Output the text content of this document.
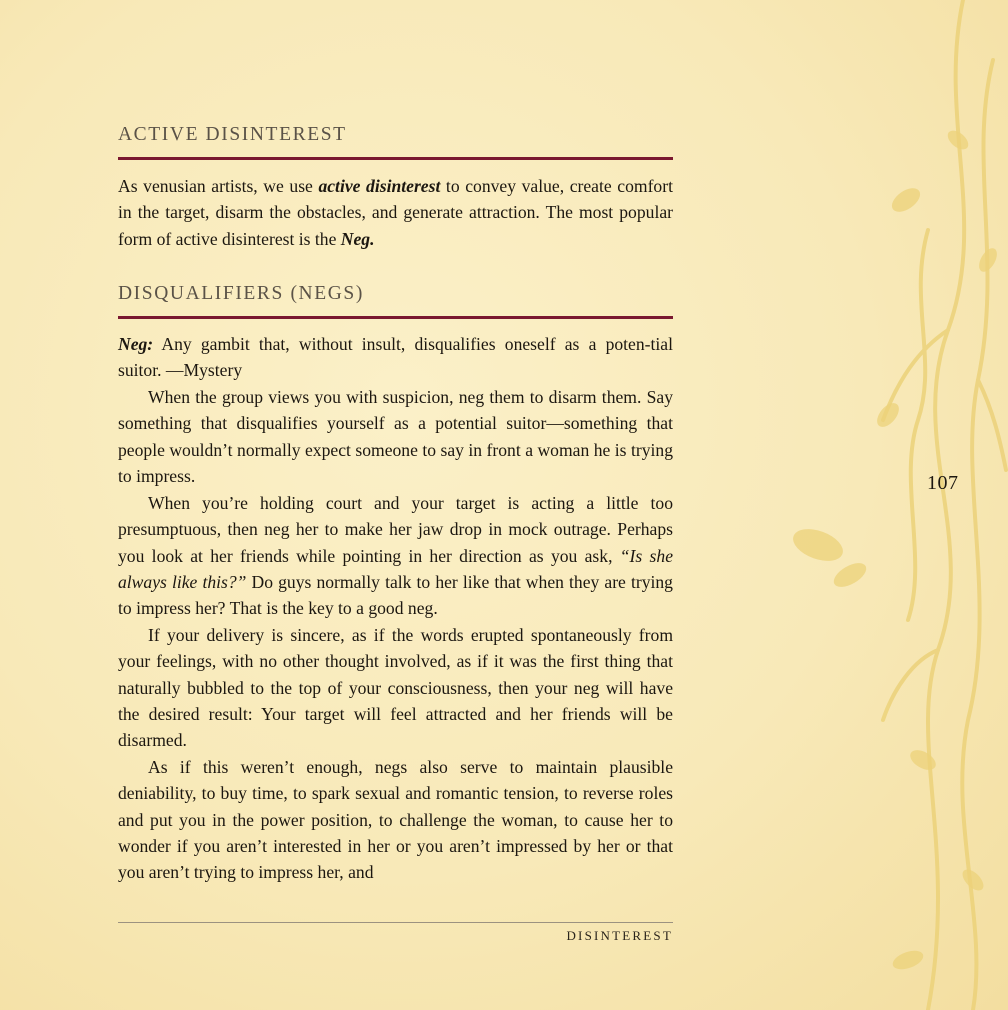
ACTIVE DISINTEREST

As venusian artists, we use active disinterest to convey value, create comfort in the target, disarm the obstacles, and generate attraction. The most popular form of active disinterest is the Neg.

DISQUALIFIERS (NEGS)

Neg: Any gambit that, without insult, disqualifies oneself as a poten-tial suitor. —Mystery

When the group views you with suspicion, neg them to disarm them. Say something that disqualifies yourself as a potential suitor—something that people wouldn’t normally expect someone to say in front a woman he is trying to impress.

When you’re holding court and your target is acting a little too presumptuous, then neg her to make her jaw drop in mock outrage. Perhaps you look at her friends while pointing in her direction as you ask, “Is she always like this?” Do guys normally talk to her like that when they are trying to impress her? That is the key to a good neg.

If your delivery is sincere, as if the words erupted spontaneously from your feelings, with no other thought involved, as if it was the first thing that naturally bubbled to the top of your consciousness, then your neg will have the desired result: Your target will feel attracted and her friends will be disarmed.

As if this weren’t enough, negs also serve to maintain plausible deniability, to buy time, to spark sexual and romantic tension, to reverse roles and put you in the power position, to challenge the woman, to cause her to wonder if you aren’t interested in her or you aren’t impressed by her or that you aren’t trying to impress her, and

107
DISINTEREST
